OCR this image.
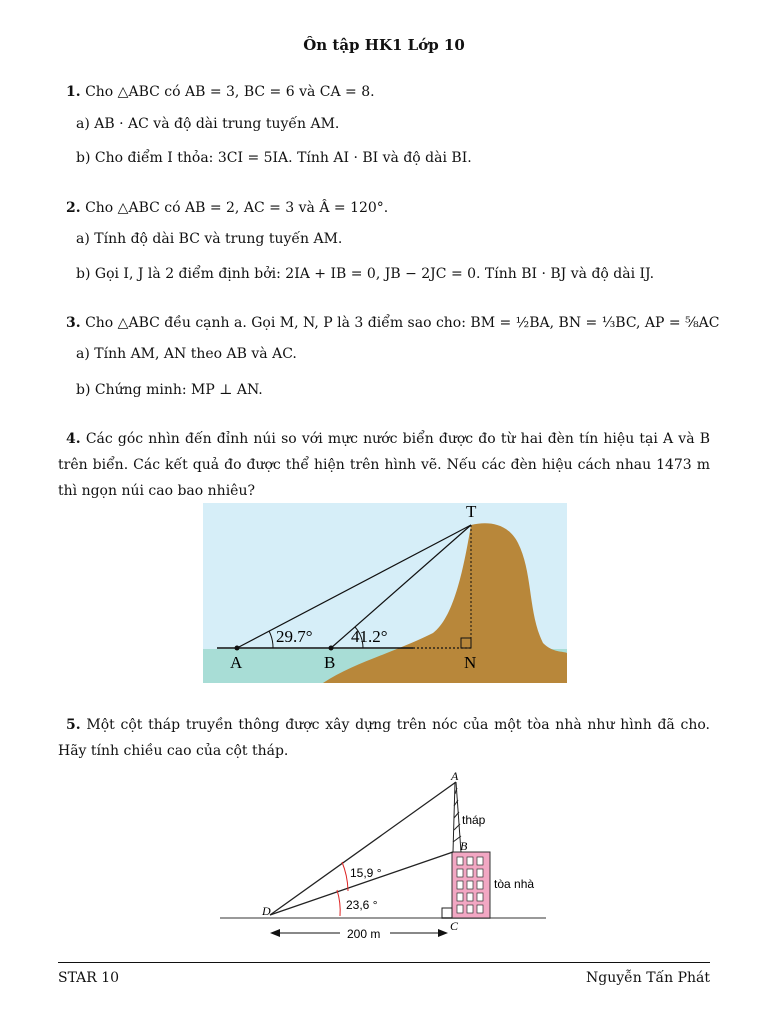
Ôn tập HK1 Lớp 10
1. Cho △ABC có AB = 3, BC = 6 và CA = 8.
a) AB · AC và độ dài trung tuyến AM.
b) Cho điểm I thỏa: 3CI = 5IA. Tính AI · BI và độ dài BI.
2. Cho △ABC có AB = 2, AC = 3 và Â = 120°.
a) Tính độ dài BC và trung tuyến AM.
b) Gọi I, J là 2 điểm định bởi: 2IA + IB = 0, JB − 2JC = 0. Tính BI · BJ và độ dài IJ.
3. Cho △ABC đều cạnh a. Gọi M, N, P là 3 điểm sao cho: BM = ½BA, BN = ⅓BC, AP = ⅝AC
a) Tính AM, AN theo AB và AC.
b) Chứng minh: MP ⊥ AN.
4. Các góc nhìn đến đỉnh núi so với mực nước biển được đo từ hai đèn tín hiệu tại A và B trên biển. Các kết quả đo được thể hiện trên hình vẽ. Nếu các đèn hiệu cách nhau 1473 m thì ngọn núi cao bao nhiêu?
T
A	B	N
29.7° 41.2°
5. Một cột tháp truyền thông được xây dựng trên nóc của một tòa nhà như hình đã cho. Hãy tính chiều cao của cột tháp.
200 m
D
A
B
C
tháp
tòa nhà
15,9 °
23,6 °
STAR 10	Nguyễn Tấn Phát
